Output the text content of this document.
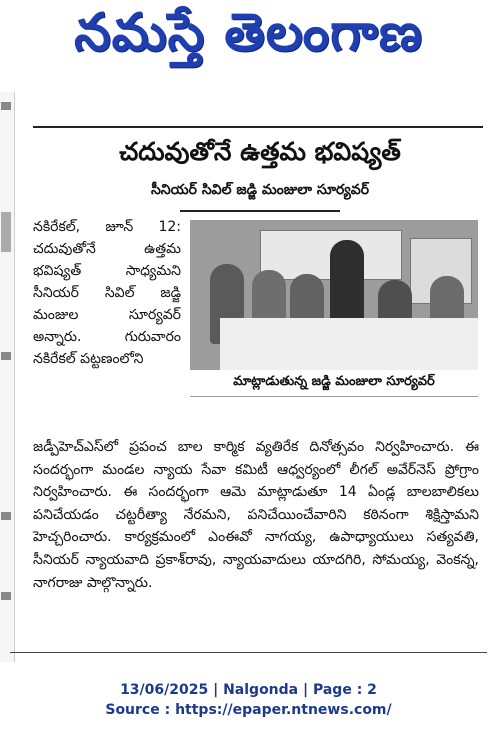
నమస్తే తెలంగాణ
చదువుతోనే ఉత్తమ భవిష్యత్
సీనియర్ సివిల్ జడ్జి మంజులా సూర్యవర్

నకిరేకల్, జూన్ 12: చదువుతోనే ఉత్తమ భవిష్యత్ సాధ్యమని సీనియర్ సివిల్ జడ్జి మంజుల సూర్యవర్ అన్నారు. గురువారం నకిరేకల్ పట్టణంలోని

మాట్లాడుతున్న జడ్జి మంజులా సూర్యవర్

జడ్పీహెచ్‌ఎస్‌లో ప్రపంచ బాల కార్మిక వ్యతిరేక దినోత్సవం నిర్వహించారు. ఈ సందర్భంగా మండల న్యాయ సేవా కమిటీ ఆధ్వర్యంలో లీగల్ అవేర్‌నెస్ ప్రోగ్రాం నిర్వహించారు. ఈ సందర్భంగా ఆమె మాట్లాడుతూ 14 ఏండ్ల బాలబాలికలు పనిచేయడం చట్టరీత్యా నేరమని, పనిచేయించేవారిని కఠినంగా శిక్షిస్తామని హెచ్చరించారు. కార్యక్రమంలో ఎంఈవో నాగయ్య, ఉపాధ్యాయులు సత్యవతి, సీనియర్ న్యాయవాది ప్రకాశ్‌రావు, న్యాయవాదులు యాదగిరి, సోమయ్య, వెంకన్న, నాగరాజు పాల్గొన్నారు.

13/06/2025 | Nalgonda | Page : 2
Source : https://epaper.ntnews.com/
